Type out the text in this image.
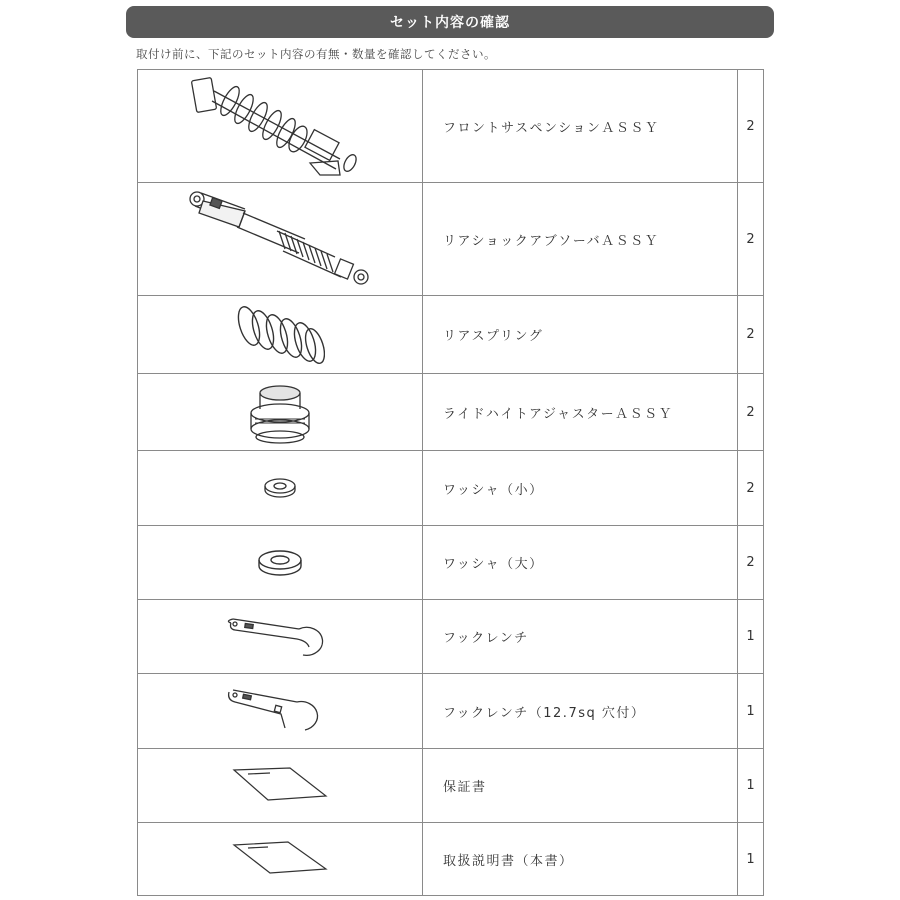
セット内容の確認
取付け前に、下記のセット内容の有無・数量を確認してください。
	フロントサスペンションＡＳＳＹ	2

	リアショックアブソーバＡＳＳＹ	2

	リアスプリング	2

	ライドハイトアジャスターＡＳＳＹ	2

	ワッシャ（小）	2

	ワッシャ（大）	2

	フックレンチ	1

	フックレンチ（12.7sq 穴付）	1

	保証書	1

	取扱説明書（本書）	1
